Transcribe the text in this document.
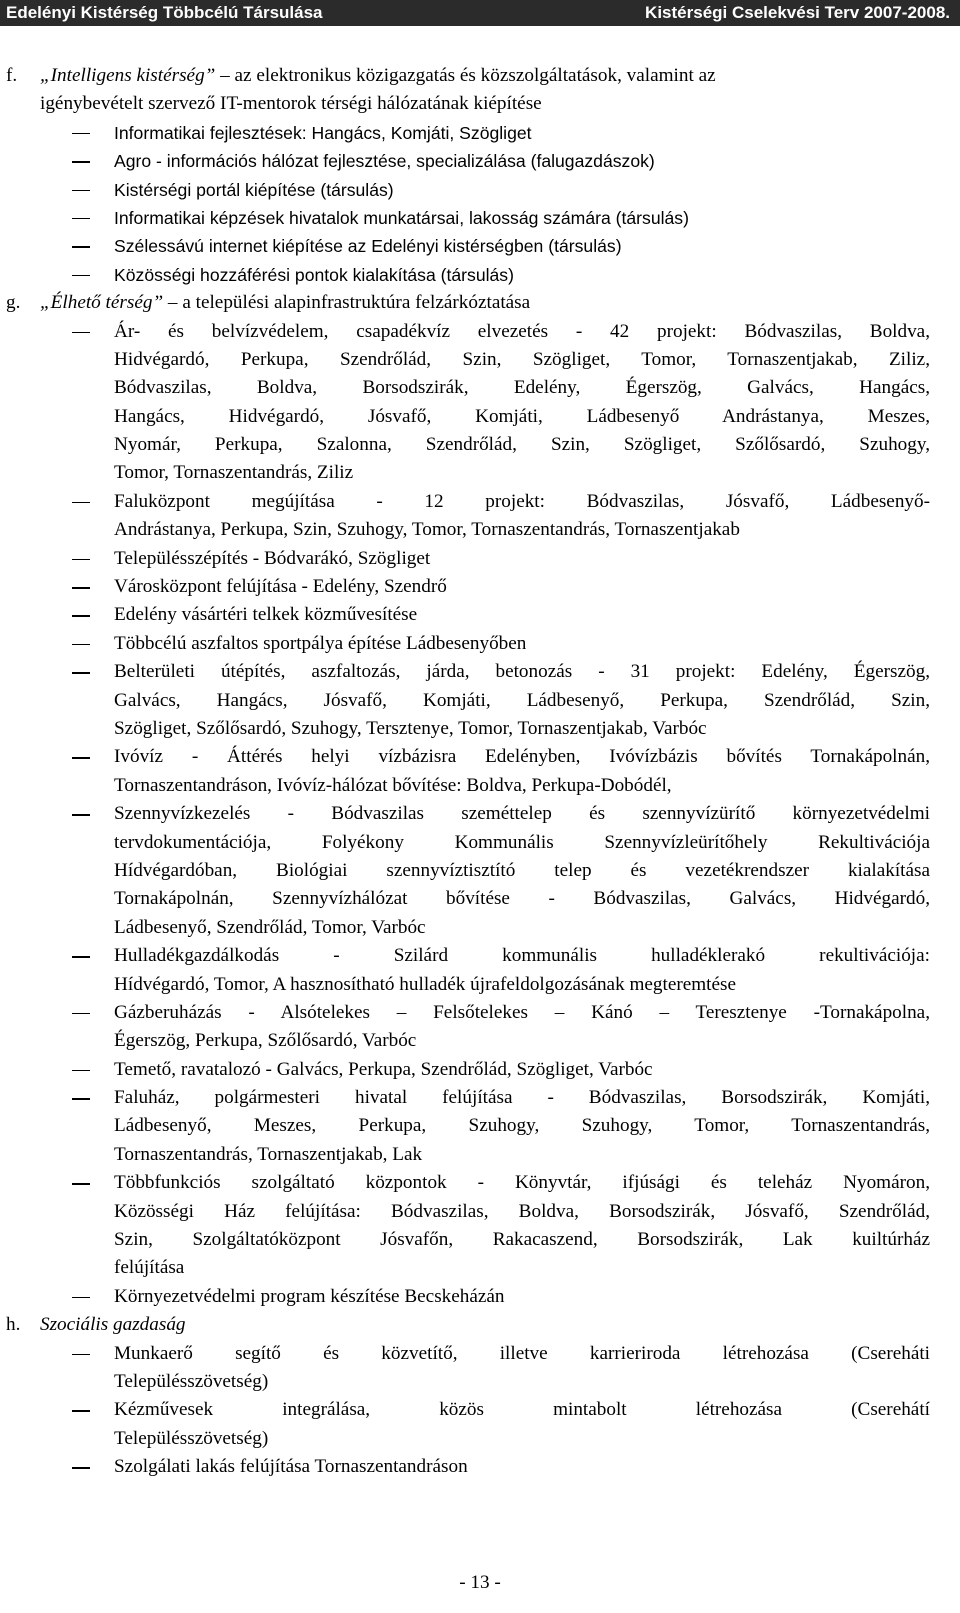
Edelényi Kistérség Többcélú Társulása	Kistérségi Cselekvési Terv 2007-2008.
f. „Intelligens kistérség” – az elektronikus közigazgatás és közszolgáltatások, valamint az
igénybevételt szervező IT-mentorok térségi hálózatának kiépítése
Informatikai fejlesztések: Hangács, Komjáti, Szögliget
Agro - információs hálózat fejlesztése, specializálása (falugazdászok)
Kistérségi portál kiépítése (társulás)
Informatikai képzések hivatalok munkatársai, lakosság számára (társulás)
Szélessávú internet kiépítése az Edelényi kistérségben (társulás)
Közösségi hozzáférési pontok kialakítása (társulás)
g. „Élhető térség” – a települési alapinfrastruktúra felzárkóztatása
Ár- és belvízvédelem, csapadékvíz elvezetés - 42 projekt: Bódvaszilas, Boldva,
Hidvégardó, Perkupa, Szendrőlád, Szin, Szögliget, Tomor, Tornaszentjakab, Ziliz,
Bódvaszilas, Boldva, Borsodszirák, Edelény, Égerszög, Galvács, Hangács,
Hangács, Hidvégardó, Jósvafő, Komjáti, Ládbesenyő Andrástanya, Meszes,
Nyomár, Perkupa, Szalonna, Szendrőlád, Szin, Szögliget, Szőlősardó, Szuhogy,
Tomor, Tornaszentandrás, Ziliz
Faluközpont megújítása - 12 projekt: Bódvaszilas, Jósvafő, Ládbesenyő-
Andrástanya, Perkupa, Szin, Szuhogy, Tomor, Tornaszentandrás, Tornaszentjakab
Településszépítés - Bódvarákó, Szögliget
Városközpont felújítása - Edelény, Szendrő
Edelény vásártéri telkek közművesítése
Többcélú aszfaltos sportpálya építése Ládbesenyőben
Belterületi útépítés, aszfaltozás, járda, betonozás - 31 projekt: Edelény, Égerszög,
Galvács, Hangács, Jósvafő, Komjáti, Ládbesenyő, Perkupa, Szendrőlád, Szin,
Szögliget, Szőlősardó, Szuhogy, Tersztenye, Tomor, Tornaszentjakab, Varbóc
Ivóvíz - Áttérés helyi vízbázisra Edelényben, Ivóvízbázis bővítés Tornakápolnán,
Tornaszentandráson, Ivóvíz-hálózat bővítése: Boldva, Perkupa-Dobódél,
Szennyvízkezelés - Bódvaszilas szeméttelep és szennyvízürítő környezetvédelmi
tervdokumentációja, Folyékony Kommunális Szennyvízleürítőhely Rekultivációja
Hídvégardóban, Biológiai szennyvíztisztító telep és vezetékrendszer kialakítása
Tornakápolnán, Szennyvízhálózat bővítése - Bódvaszilas, Galvács, Hidvégardó,
Ládbesenyő, Szendrőlád, Tomor, Varbóc
Hulladékgazdálkodás - Szilárd kommunális hulladéklerakó rekultivációja:
Hídvégardó, Tomor, A hasznosítható hulladék újrafeldolgozásának megteremtése
Gázberuházás - Alsótelekes – Felsőtelekes – Kánó – Teresztenye -Tornakápolna,
Égerszög, Perkupa, Szőlősardó, Varbóc
Temető, ravatalozó - Galvács, Perkupa, Szendrőlád, Szögliget, Varbóc
Faluház, polgármesteri hivatal felújítása - Bódvaszilas, Borsodszirák, Komjáti,
Ládbesenyő, Meszes, Perkupa, Szuhogy, Szuhogy, Tomor, Tornaszentandrás,
Tornaszentandrás, Tornaszentjakab, Lak
Többfunkciós szolgáltató központok - Könyvtár, ifjúsági és teleház Nyomáron,
Közösségi Ház felújítása: Bódvaszilas, Boldva, Borsodszirák, Jósvafő, Szendrőlád,
Szin, Szolgáltatóközpont Jósvafőn, Rakacaszend, Borsodszirák, Lak kuiltúrház
felújítása
Környezetvédelmi program készítése Becskeházán
h. Szociális gazdaság
Munkaerő segítő és közvetítő, illetve karrieriroda létrehozása (Csereháti
Településszövetség)
Kézművesek integrálása, közös mintabolt létrehozása (Cserehátí
Településszövetség)
Szolgálati lakás felújítása Tornaszentandráson
- 13 -
